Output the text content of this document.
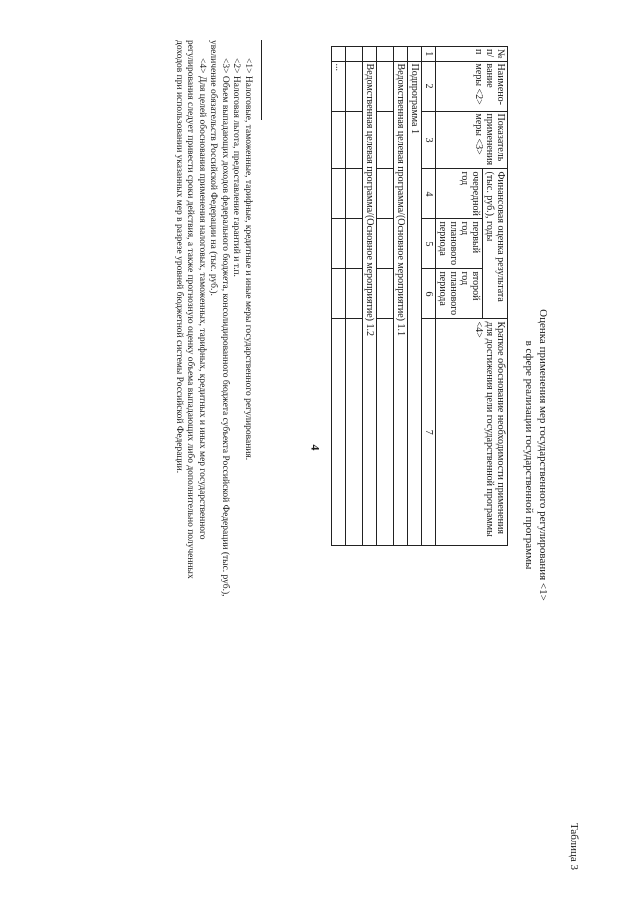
4
Таблица 3
Оценка применения мер государственного регулирования <1>
в сфере реализации государственной программы
№ п/п	Наимено-вание меры <2>	Показатель применения меры <3>	Финансовая оценка результата (тыс. руб.), годы			Краткое обоснование необходимости применения для достижения цели государственной программы <4>
			очередной год	первый год планового периода	второй год планового периода	
1	2	3	4	5	6	7
	Подпрограмма 1					
	Ведомственная целевая программа/(Основное мероприятие) 1.1					

	Ведомственная целевая программа/(Основное мероприятие) 1.2					

	...					

<1> Налоговые, таможенные, тарифные, кредитные и иные меры государственного регулирования.

<2> Налоговая льгота, предоставление гарантий и т.п.

<3> Объем выпадающих доходов федерального бюджета, консолидированного бюджета субъекта Российской Федерации (тыс. руб.), увеличение обязательств Российской Федерации на (тыс. руб.).

<4> Для целей обоснования применения налоговых, таможенных, тарифных, кредитных и иных мер государственного регулирования следует привести сроки действия, а также прогнозную оценку объема выпадающих либо дополнительно полученных доходов при использовании указанных мер в разрезе уровней бюджетной системы Российской Федерации.
